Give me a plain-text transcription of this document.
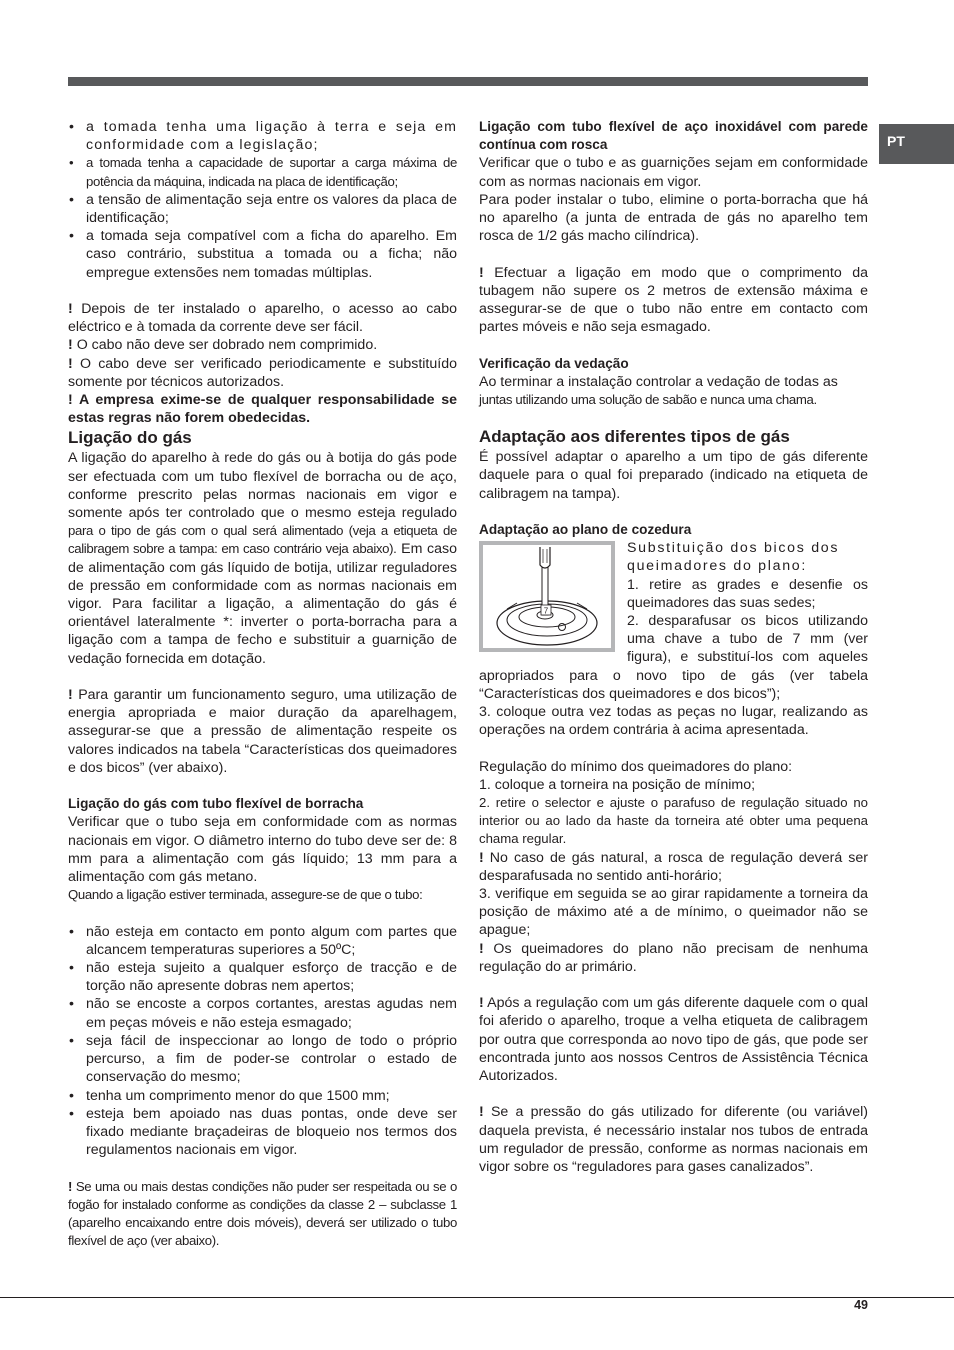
PT
• a tomada tenha uma ligação à terra e seja em conformidade com a legislação;
• a tomada tenha a capacidade de suportar a carga máxima de potência da máquina, indicada na placa de identificação;
• a tensão de alimentação seja entre os valores da placa de identificação;
• a tomada seja compatível com a ficha do aparelho. Em caso contrário, substitua a tomada ou a ficha; não empregue extensões nem tomadas múltiplas.

! Depois de ter instalado o aparelho, o acesso ao cabo eléctrico e à tomada da corrente deve ser fácil.

! O cabo não deve ser dobrado nem comprimido.

! O cabo deve ser verificado periodicamente e substituído somente por técnicos autorizados.

! A empresa exime-se de qualquer responsabilidade se estas regras não forem obedecidas.

Ligação do gás

A ligação do aparelho à rede do gás ou à botija do gás pode ser efectuada com um tubo flexível de borracha ou de aço, conforme prescrito pelas normas nacionais em vigor e somente após ter controlado que o mesmo esteja regulado para o tipo de gás com o qual será alimentado (veja a etiqueta de calibragem sobre a tampa: em caso contrário veja abaixo). Em caso de alimentação com gás líquido de botija, utilizar reguladores de pressão em conformidade com as normas nacionais em vigor. Para facilitar a ligação, a alimentação do gás é orientável lateralmente *: inverter o porta-borracha para a ligação com a tampa de fecho e substituir a guarnição de vedação fornecida em dotação.

! Para garantir um funcionamento seguro, uma utilização de energia apropriada e maior duração da aparelhagem, assegurar-se que a pressão de alimentação respeite os valores indicados na tabela “Características dos queimadores e dos bicos” (ver abaixo).

Ligação do gás com tubo flexível de borracha

Verificar que o tubo seja em conformidade com as normas nacionais em vigor. O diâmetro interno do tubo deve ser de: 8 mm para a alimentação com gás líquido; 13 mm para a alimentação com gás metano.

Quando a ligação estiver terminada, assegure-se de que o tubo:

• não esteja em contacto em ponto algum com partes que alcancem temperaturas superiores a 50ºC;
• não esteja sujeito a qualquer esforço de tracção e de torção não apresente dobras nem apertos;
• não se encoste a corpos cortantes, arestas agudas nem em peças móveis e não esteja esmagado;
• seja fácil de inspeccionar ao longo de todo o próprio percurso, a fim de poder-se controlar o estado de conservação do mesmo;
• tenha um comprimento menor do que 1500 mm;
• esteja bem apoiado nas duas pontas, onde deve ser fixado mediante braçadeiras de bloqueio nos termos dos regulamentos nacionais em vigor.

! Se uma ou mais destas condições não puder ser respeitada ou se o fogão for instalado conforme as condições da classe 2 – subclasse 1 (aparelho encaixando entre dois móveis), deverá ser utilizado o tubo flexível de aço (ver abaixo).

Ligação com tubo flexível de aço inoxidável com parede contínua com rosca

Verificar que o tubo e as guarnições sejam em conformidade com as normas nacionais em vigor.

Para poder instalar o tubo, elimine o porta-borracha que há no aparelho (a junta de entrada de gás no aparelho tem rosca de 1/2 gás macho cilíndrica).

! Efectuar a ligação em modo que o comprimento da tubagem não supere os 2 metros de extensão máxima e assegurar-se de que o tubo não entre em contacto com partes móveis e não seja esmagado.

Verificação da vedação

Ao terminar a instalação controlar a vedação de todas as

juntas utilizando uma solução de sabão e nunca uma chama.

Adaptação aos diferentes tipos de gás

É possível adaptar o aparelho a um tipo de gás diferente daquele para o qual foi preparado (indicado na etiqueta de calibragem na tampa).

Adaptação ao plano de cozedura

7

Substituição dos bicos dos queimadores do plano:

1. retire as grades e desenfie os queimadores das suas sedes;

2. desparafusar os bicos utilizando uma chave a tubo de 7 mm (ver figura), e substituí-los com aqueles apropriados para o novo tipo de gás (ver tabela “Características dos queimadores e dos bicos”);

3. coloque outra vez todas as peças no lugar, realizando as operações na ordem contrária à acima apresentada.

Regulação do mínimo dos queimadores do plano:

1. coloque a torneira na posição de mínimo;

2. retire o selector e ajuste o parafuso de regulação situado no interior ou ao lado da haste da torneira até obter uma pequena chama regular.

! No caso de gás natural, a rosca de regulação deverá ser desparafusada no sentido anti-horário;

3. verifique em seguida se ao girar rapidamente a torneira da posição de máximo até a de mínimo, o queimador não se apague;

! Os queimadores do plano não precisam de nenhuma regulação do ar primário.

! Após a regulação com um gás diferente daquele com o qual foi aferido o aparelho, troque a velha etiqueta de calibragem por outra que corresponda ao novo tipo de gás, que pode ser encontrada junto aos nossos Centros de Assistência Técnica Autorizados.

! Se a pressão do gás utilizado for diferente (ou variável) daquela prevista, é necessário instalar nos tubos de entrada um regulador de pressão, conforme as normas nacionais em vigor sobre os “reguladores para gases canalizados”.

49
